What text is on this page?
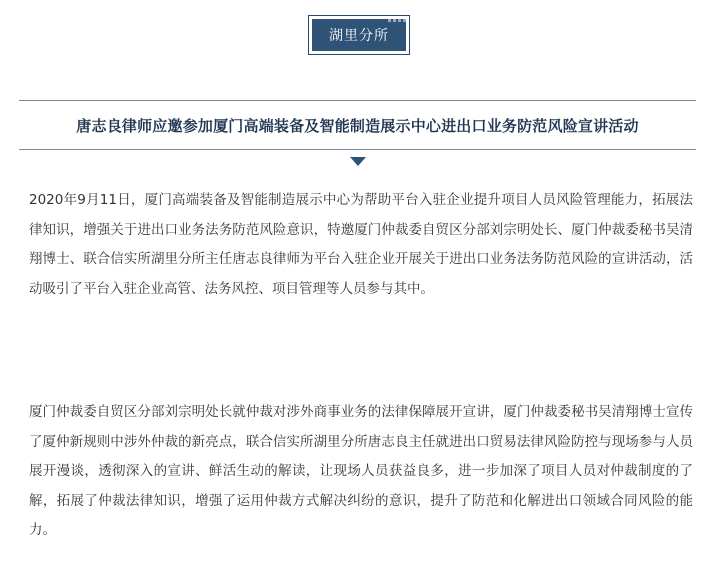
湖里分所
唐志良律师应邀参加厦门高端装备及智能制造展示中心进出口业务防范风险宣讲活动

2020年9月11日，厦门高端装备及智能制造展示中心为帮助平台入驻企业提升项目人员风险管理能力，拓展法律知识，增强关于进出口业务法务防范风险意识，特邀厦门仲裁委自贸区分部刘宗明处长、厦门仲裁委秘书吴清翔博士、联合信实所湖里分所主任唐志良律师为平台入驻企业开展关于进出口业务法务防范风险的宣讲活动，活动吸引了平台入驻企业高管、法务风控、项目管理等人员参与其中。

厦门仲裁委自贸区分部刘宗明处长就仲裁对涉外商事业务的法律保障展开宣讲，厦门仲裁委秘书吴清翔博士宣传了厦仲新规则中涉外仲裁的新亮点，联合信实所湖里分所唐志良主任就进出口贸易法律风险防控与现场参与人员展开漫谈，透彻深入的宣讲、鲜活生动的解读，让现场人员获益良多，进一步加深了项目人员对仲裁制度的了解，拓展了仲裁法律知识，增强了运用仲裁方式解决纠纷的意识，提升了防范和化解进出口领域合同风险的能力。
